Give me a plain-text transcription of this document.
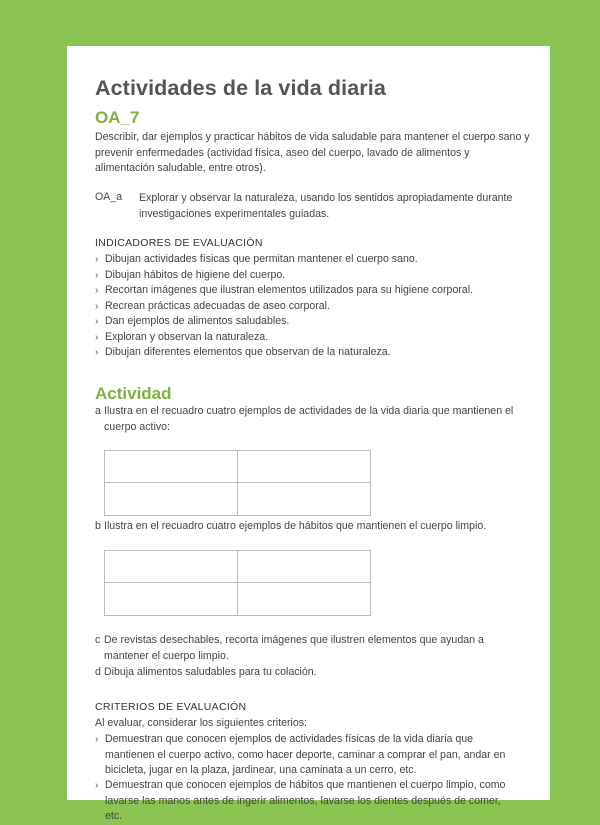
Actividades de la vida diaria
OA_7
Describir, dar ejemplos y practicar hábitos de vida saludable para mantener el cuerpo sano y prevenir enfermedades (actividad física, aseo del cuerpo, lavado de alimentos y alimentación saludable, entre otros).
OA_a Explorar y observar la naturaleza, usando los sentidos apropiadamente durante investigaciones experimentales guiadas.
INDICADORES DE EVALUACIÓN
› Dibujan actividades físicas que permitan mantener el cuerpo sano.
› Dibujan hábitos de higiene del cuerpo.
› Recortan imágenes que ilustran elementos utilizados para su higiene corporal.
› Recrean prácticas adecuadas de aseo corporal.
› Dan ejemplos de alimentos saludables.
› Exploran y observan la naturaleza.
› Dibujan diferentes elementos que observan de la naturaleza.
Actividad
a Ilustra en el recuadro cuatro ejemplos de actividades de la vida diaria que mantienen el cuerpo activo:
b Ilustra en el recuadro cuatro ejemplos de hábitos que mantienen el cuerpo limpio.
c De revistas desechables, recorta imágenes que ilustren elementos que ayudan a mantener el cuerpo limpio.
d Dibuja alimentos saludables para tu colación.
CRITERIOS DE EVALUACIÓN
Al evaluar, considerar los siguientes criterios:
› Demuestran que conocen ejemplos de actividades físicas de la vida diaria que mantienen el cuerpo activo, como hacer deporte, caminar a comprar el pan, andar en bicicleta, jugar en la plaza, jardinear, una caminata a un cerro, etc.
› Demuestran que conocen ejemplos de hábitos que mantienen el cuerpo limpio, como lavarse las manos antes de ingerir alimentos, lavarse los dientes después de comer, etc.
